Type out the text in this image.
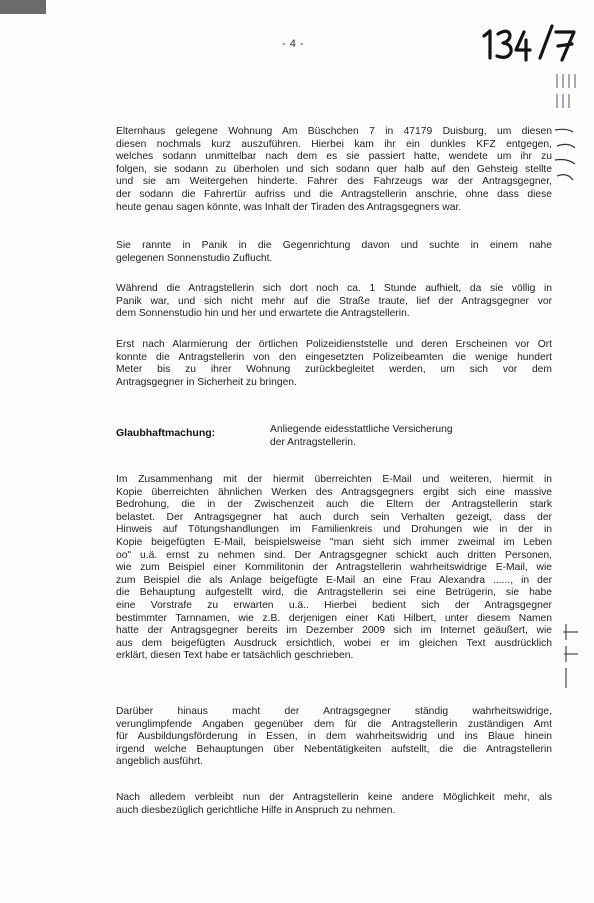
- 4 -
Elternhaus gelegene Wohnung Am Büschchen 7 in 47179 Duisburg, um diesen
diesen nochmals kurz auszuführen. Hierbei kam ihr ein dunkles KFZ entgegen,
welches sodann unmittelbar nach dem es sie passiert hatte, wendete um ihr zu
folgen, sie sodann zu überholen und sich sodann quer halb auf den Gehsteig stellte
und sie am Weitergehen hinderte. Fahrer des Fahrzeugs war der Antragsgegner,
der sodann die Fahrertür aufriss und die Antragstellerin anschrie, ohne dass diese
heute genau sagen könnte, was Inhalt der Tiraden des Antragsgegners war.
Sie rannte in Panik in die Gegenrichtung davon und suchte in einem nahe
gelegenen Sonnenstudio Zuflucht.
Während die Antragstellerin sich dort noch ca. 1 Stunde aufhielt, da sie völlig in
Panik war, und sich nicht mehr auf die Straße traute, lief der Antragsgegner vor
dem Sonnenstudio hin und her und erwartete die Antragstellerin.
Erst nach Alarmierung der örtlichen Polizeidienststelle und deren Erscheinen vor Ort
konnte die Antragstellerin von den eingesetzten Polizeibeamten die wenige hundert
Meter bis zu ihrer Wohnung zurückbegleitet werden, um sich vor dem
Antragsgegner in Sicherheit zu bringen.
Glaubhaftmachung:	Anliegende eidesstattliche Versicherung
der Antragstellerin.
Im Zusammenhang mit der hiermit überreichten E-Mail und weiteren, hiermit in
Kopie überreichten ähnlichen Werken des Antragsgegners ergibt sich eine massive
Bedrohung, die in der Zwischenzeit auch die Eltern der Antragstellerin stark
belastet. Der Antragsgegner hat auch durch sein Verhalten gezeigt, dass der
Hinweis auf Tötungshandlungen im Familienkreis und Drohungen wie in der in
Kopie beigefügten E-Mail, beispielsweise "man sieht sich immer zweimal im Leben
oo" u.ä. ernst zu nehmen sind. Der Antragsgegner schickt auch dritten Personen,
wie zum Beispiel einer Kommilitonin der Antragstellerin wahrheitswidrige E-Mail, wie
zum Beispiel die als Anlage beigefügte E-Mail an eine Frau Alexandra ......, in der
die Behauptung aufgestellt wird, die Antragstellerin sei eine Betrügerin, sie habe
eine Vorstrafe zu erwarten u.ä.. Hierbei bedient sich der Antragsgegner
bestimmter Tarnnamen, wie z.B. derjenigen einer Kati Hilbert, unter diesem Namen
hatte der Antragsgegner bereits im Dezember 2009 sich im Internet geäußert, wie
aus dem beigefügten Ausdruck ersichtlich, wobei er im gleichen Text ausdrücklich
erklärt, diesen Text habe er tatsächlich geschrieben.
Darüber hinaus macht der Antragsgegner ständig wahrheitswidrige,
verunglimpfende Angaben gegenüber dem für die Antragstellerin zuständigen Amt
für Ausbildungsförderung in Essen, in dem wahrheitswidrig und ins Blaue hinein
irgend welche Behauptungen über Nebentätigkeiten aufstellt, die die Antragstellerin
angeblich ausführt.
Nach alledem verbleibt nun der Antragstellerin keine andere Möglichkeit mehr, als
auch diesbezüglich gerichtliche Hilfe in Anspruch zu nehmen.
